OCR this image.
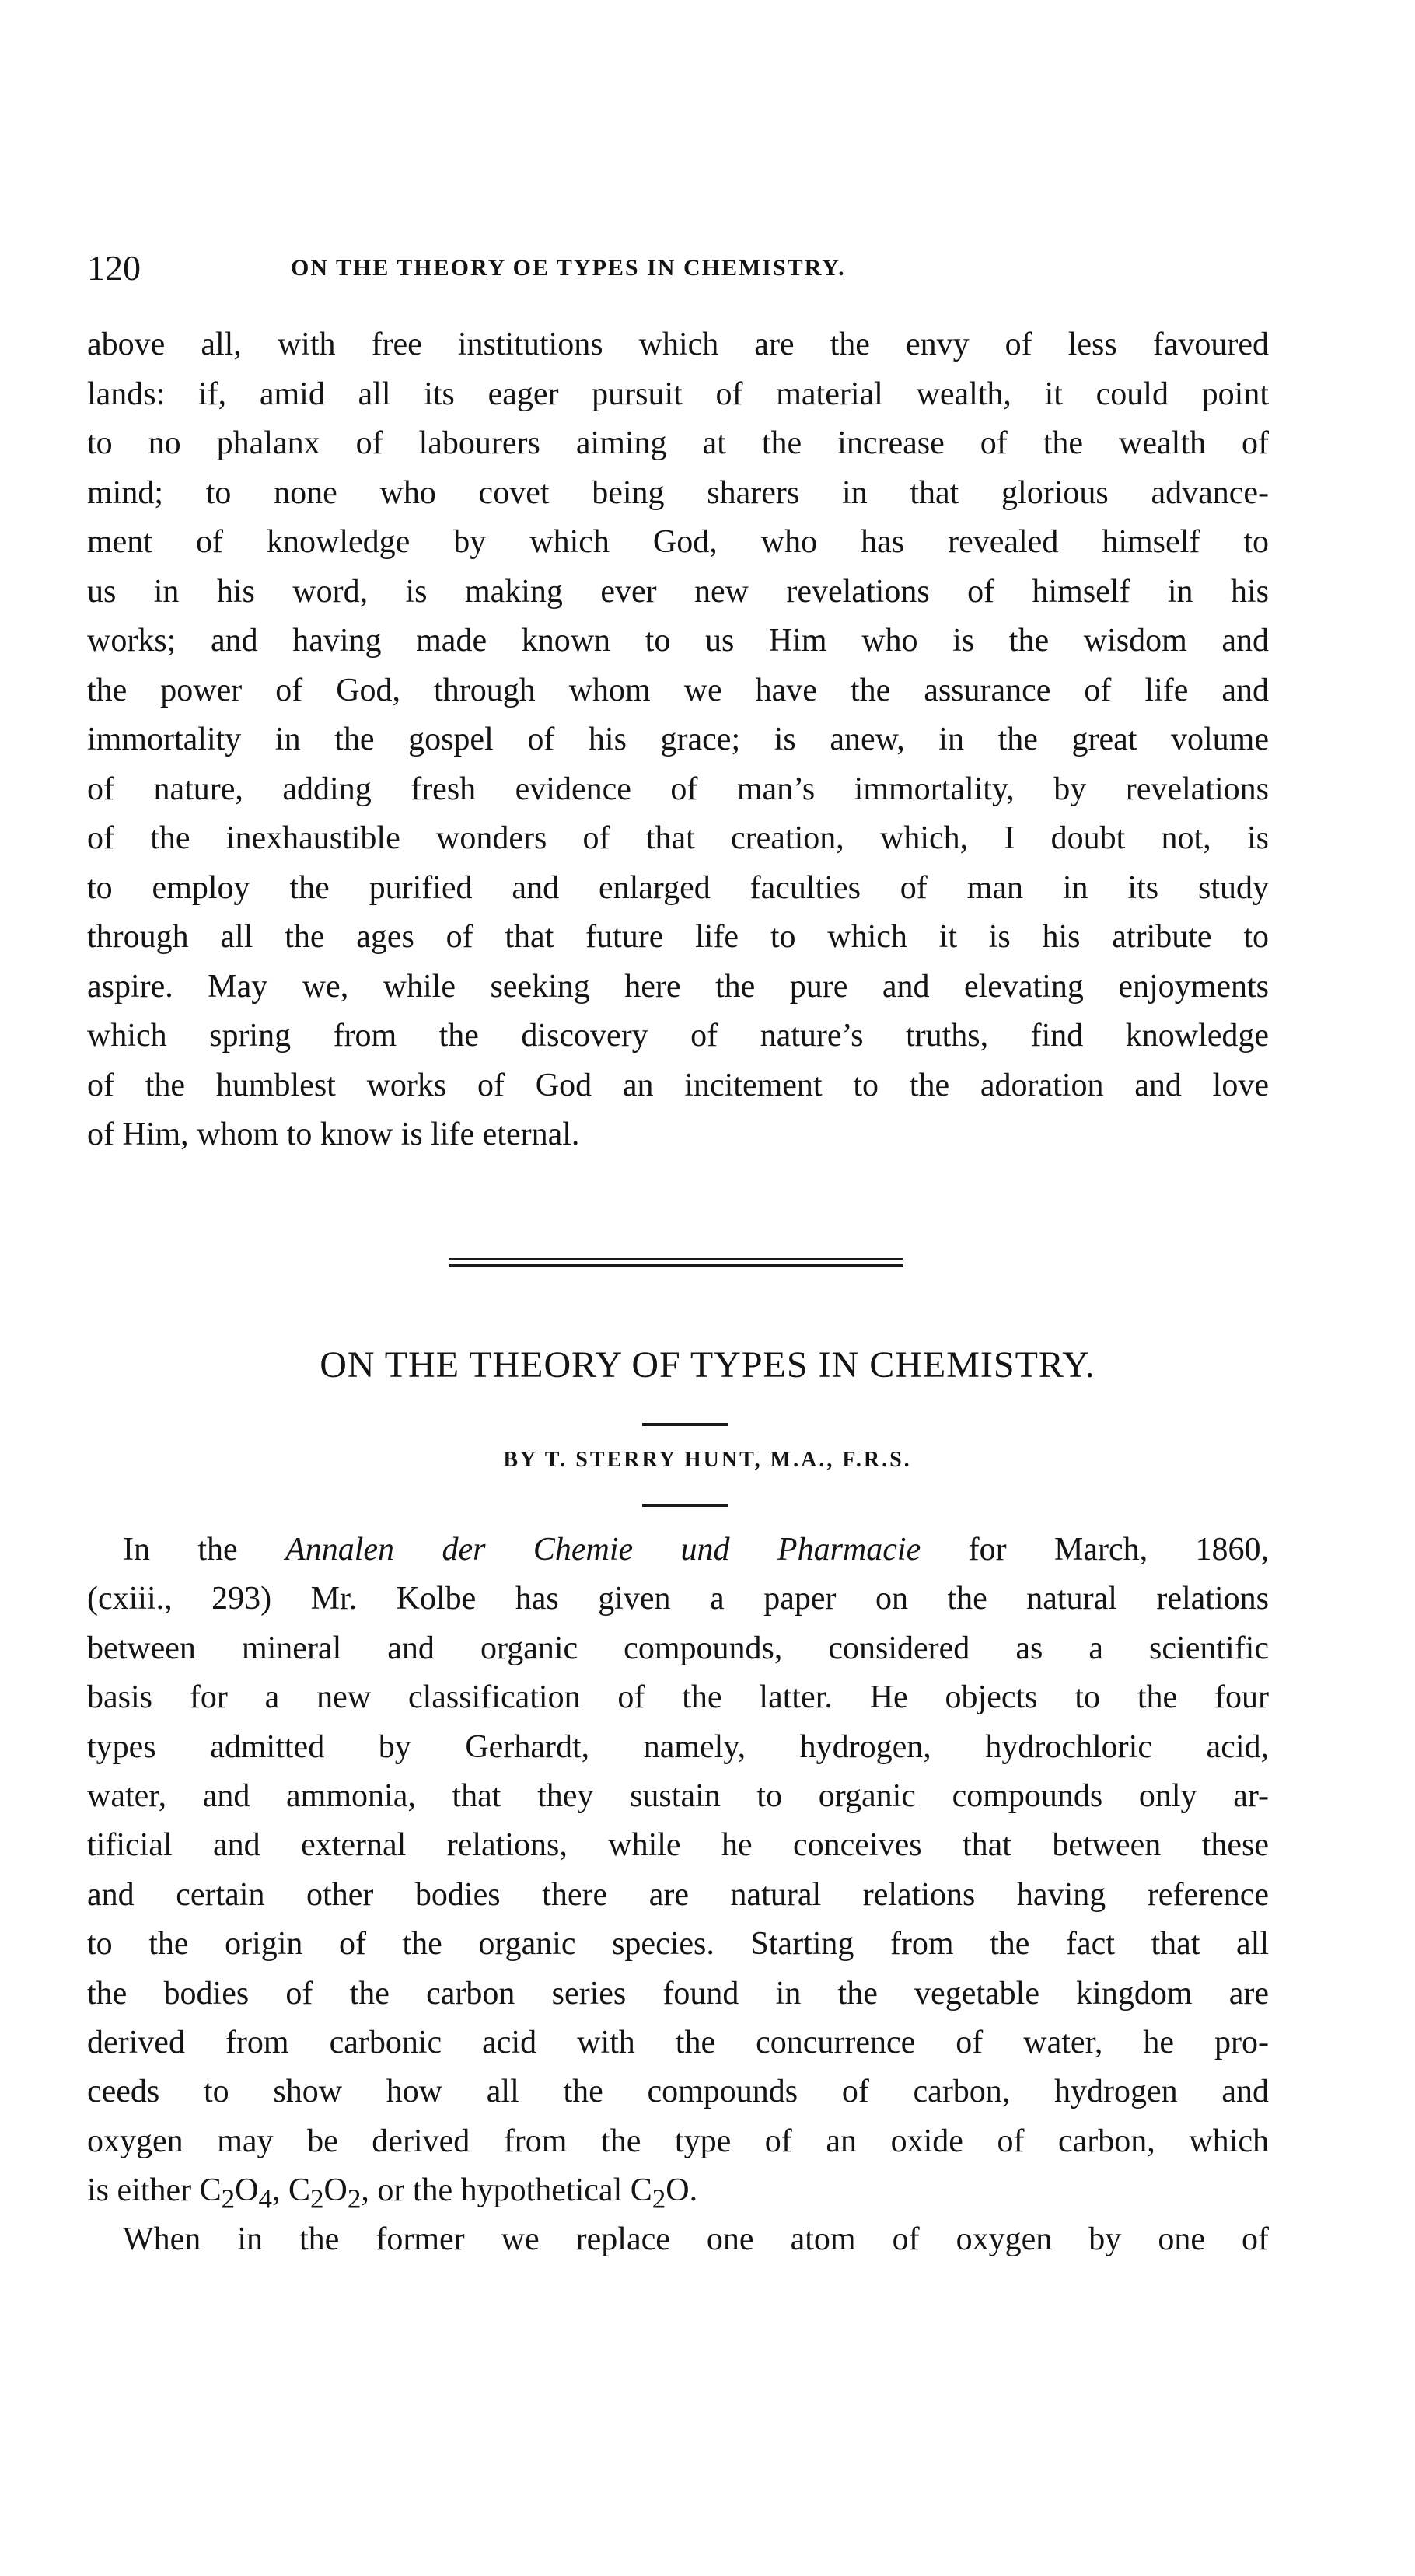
120	ON THE THEORY OE TYPES IN CHEMISTRY.
above all, with free institutions which are the envy of less favoured
lands: if, amid all its eager pursuit of material wealth, it could point
to no phalanx of labourers aiming at the increase of the wealth of
mind; to none who covet being sharers in that glorious advance-
ment of knowledge by which God, who has revealed himself to
us in his word, is making ever new revelations of himself in his
works; and having made known to us Him who is the wisdom and
the power of God, through whom we have the assurance of life and
immortality in the gospel of his grace; is anew, in the great volume
of nature, adding fresh evidence of man’s immortality, by revelations
of the inexhaustible wonders of that creation, which, I doubt not, is
to employ the purified and enlarged faculties of man in its study
through all the ages of that future life to which it is his atribute to
aspire. May we, while seeking here the pure and elevating enjoyments
which spring from the discovery of nature’s truths, find knowledge
of the humblest works of God an incitement to the adoration and love
of Him, whom to know is life eternal.
ON THE THEORY OF TYPES IN CHEMISTRY.
BY T. STERRY HUNT, M.A., F.R.S.
In the Annalen der Chemie und Pharmacie for March, 1860,
(cxiii., 293) Mr. Kolbe has given a paper on the natural relations
between mineral and organic compounds, considered as a scientific
basis for a new classification of the latter. He objects to the four
types admitted by Gerhardt, namely, hydrogen, hydrochloric acid,
water, and ammonia, that they sustain to organic compounds only ar-
tificial and external relations, while he conceives that between these
and certain other bodies there are natural relations having reference
to the origin of the organic species. Starting from the fact that all
the bodies of the carbon series found in the vegetable kingdom are
derived from carbonic acid with the concurrence of water, he pro-
ceeds to show how all the compounds of carbon, hydrogen and
oxygen may be derived from the type of an oxide of carbon, which
is either $C_2O_4$, $C_2O_2$, or the hypothetical $C_2O$.
When in the former we replace one atom of oxygen by one of
